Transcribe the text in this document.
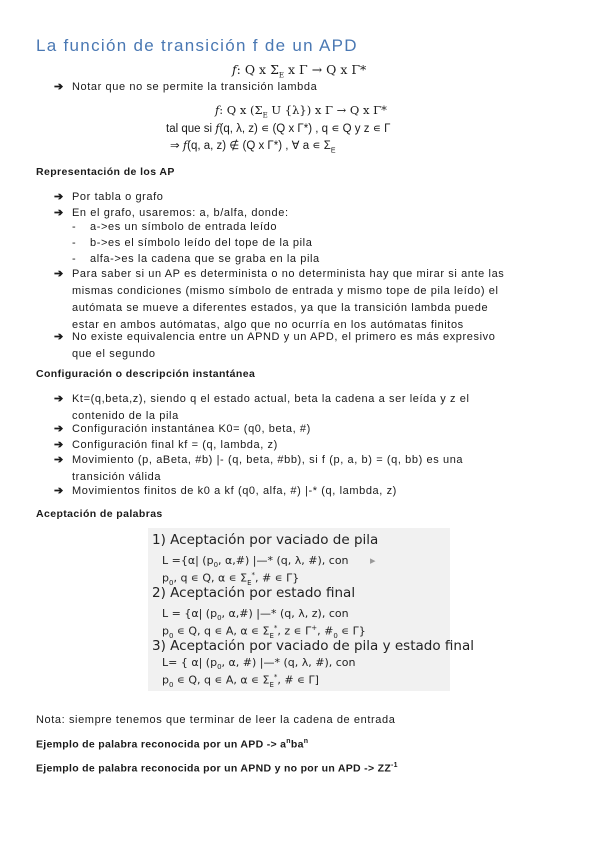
La función de transición f de un APD
f: Q x $\Sigma_E$ x Γ → Q x Γ*
➔ Notar que no se permite la transición lambda
f: Q x ($\Sigma_E$ U {λ}) x Γ → Q x Γ*
tal que si f(q, λ, z) ∊ (Q x Γ*) , q ∊ Q y z ∊ Γ
⇒ f(q, a, z) ∉ (Q x Γ*) , ∀ a ∊ $\Sigma_E$
Representación de los AP
➔ Por tabla o grafo
➔ En el grafo, usaremos: a, b/alfa, donde:
- a->es un símbolo de entrada leído
- b->es el símbolo leído del tope de la pila
- alfa->es la cadena que se graba en la pila
➔ Para saber si un AP es determinista o no determinista hay que mirar si ante las
mismas condiciones (mismo símbolo de entrada y mismo tope de pila leído) el
autómata se mueve a diferentes estados, ya que la transición lambda puede
estar en ambos autómatas, algo que no ocurría en los autómatas finitos
➔ No existe equivalencia entre un APND y un APD, el primero es más expresivo
que el segundo
Configuración o descripción instantánea
➔ Kt=(q,beta,z), siendo q el estado actual, beta la cadena a ser leída y z el
contenido de la pila
➔ Configuración instantánea K0= (q0, beta, #)
➔ Configuración final kf = (q, lambda, z)
➔ Movimiento (p, aBeta, #b) |- (q, beta, #bb), si f (p, a, b) = (q, bb) es una
transición válida
➔ Movimientos finitos de k0 a kf (q0, alfa, #) |-* (q, lambda, z)
Aceptación de palabras
1) Aceptación por vaciado de pila
L ={α| ($p_0$, α,#) |—* (q, λ, #), con ▸
$p_0$, q ∊ Q, α ∊ $\Sigma_E^*$, # ∊ Γ}
2) Aceptación por estado final
L = {α| ($p_0$, α,#) |—* (q, λ, z), con
$p_0$ ∊ Q, q ∊ A, α ∊ $\Sigma_E^*$, z ∊ Γ+, $\#_0$ ∊ Γ}
3) Aceptación por vaciado de pila y estado final
L= { α| ($p_0$, α, #) |—* (q, λ, #), con
$p_0$ ∊ Q, q ∊ A, α ∊ $\Sigma_E^*$, # ∊ Γ]
Nota: siempre tenemos que terminar de leer la cadena de entrada
Ejemplo de palabra reconocida por un APD -> $a^nba^n$
Ejemplo de palabra reconocida por un APND y no por un APD -> $ZZ^{-1}$
